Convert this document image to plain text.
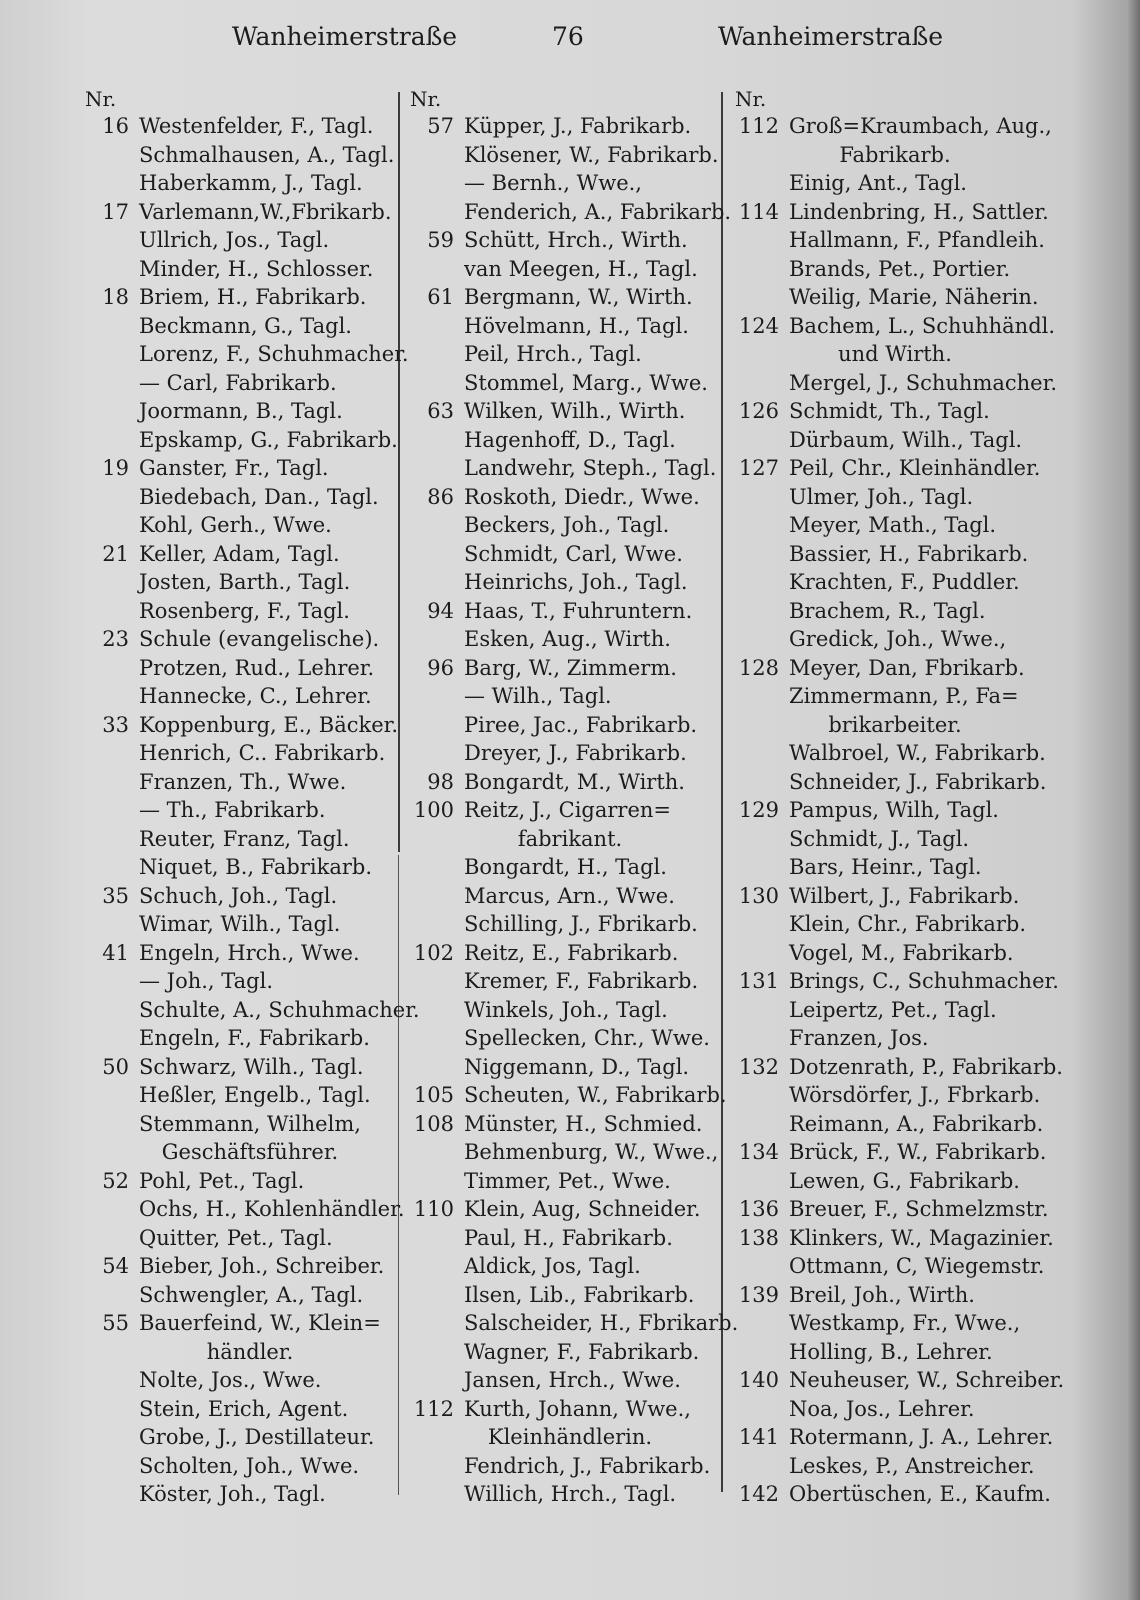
Wanheimerstraße	76	Wanheimerstraße
Nr.
16 Westenfelder, F., Tagl.
Schmalhausen, A., Tagl.
Haberkamm, J., Tagl.
17 Varlemann,W.,Fbrikarb.
Ullrich, Jos., Tagl.
Minder, H., Schlosser.
18 Briem, H., Fabrikarb.
Beckmann, G., Tagl.
Lorenz, F., Schuhmacher.
— Carl, Fabrikarb.
Joormann, B., Tagl.
Epskamp, G., Fabrikarb.
19 Ganster, Fr., Tagl.
Biedebach, Dan., Tagl.
Kohl, Gerh., Wwe.
21 Keller, Adam, Tagl.
Josten, Barth., Tagl.
Rosenberg, F., Tagl.
23 Schule (evangelische).
Protzen, Rud., Lehrer.
Hannecke, C., Lehrer.
33 Koppenburg, E., Bäcker.
Henrich, C.. Fabrikarb.
Franzen, Th., Wwe.
— Th., Fabrikarb.
Reuter, Franz, Tagl.
Niquet, B., Fabrikarb.
35 Schuch, Joh., Tagl.
Wimar, Wilh., Tagl.
41 Engeln, Hrch., Wwe.
— Joh., Tagl.
Schulte, A., Schuhmacher.
Engeln, F., Fabrikarb.
50 Schwarz, Wilh., Tagl.
Heßler, Engelb., Tagl.
Stemmann, Wilhelm,
Geschäftsführer.
52 Pohl, Pet., Tagl.
Ochs, H., Kohlenhändler.
Quitter, Pet., Tagl.
54 Bieber, Joh., Schreiber.
Schwengler, A., Tagl.
55 Bauerfeind, W., Klein=
händler.
Nolte, Jos., Wwe.
Stein, Erich, Agent.
Grobe, J., Destillateur.
Scholten, Joh., Wwe.
Köster, Joh., Tagl.
Nr.
57 Küpper, J., Fabrikarb.
Klösener, W., Fabrikarb.
— Bernh., Wwe.,
Fenderich, A., Fabrikarb.
59 Schütt, Hrch., Wirth.
van Meegen, H., Tagl.
61 Bergmann, W., Wirth.
Hövelmann, H., Tagl.
Peil, Hrch., Tagl.
Stommel, Marg., Wwe.
63 Wilken, Wilh., Wirth.
Hagenhoff, D., Tagl.
Landwehr, Steph., Tagl.
86 Roskoth, Diedr., Wwe.
Beckers, Joh., Tagl.
Schmidt, Carl, Wwe.
Heinrichs, Joh., Tagl.
94 Haas, T., Fuhruntern.
Esken, Aug., Wirth.
96 Barg, W., Zimmerm.
— Wilh., Tagl.
Piree, Jac., Fabrikarb.
Dreyer, J., Fabrikarb.
98 Bongardt, M., Wirth.
100 Reitz, J., Cigarren=
fabrikant.
Bongardt, H., Tagl.
Marcus, Arn., Wwe.
Schilling, J., Fbrikarb.
102 Reitz, E., Fabrikarb.
Kremer, F., Fabrikarb.
Winkels, Joh., Tagl.
Spellecken, Chr., Wwe.
Niggemann, D., Tagl.
105 Scheuten, W., Fabrikarb.
108 Münster, H., Schmied.
Behmenburg, W., Wwe.,
Timmer, Pet., Wwe.
110 Klein, Aug, Schneider.
Paul, H., Fabrikarb.
Aldick, Jos, Tagl.
Ilsen, Lib., Fabrikarb.
Salscheider, H., Fbrikarb.
Wagner, F., Fabrikarb.
Jansen, Hrch., Wwe.
112 Kurth, Johann, Wwe.,
Kleinhändlerin.
Fendrich, J., Fabrikarb.
Willich, Hrch., Tagl.
Nr.
112 Groß=Kraumbach, Aug.,
Fabrikarb.
Einig, Ant., Tagl.
114 Lindenbring, H., Sattler.
Hallmann, F., Pfandleih.
Brands, Pet., Portier.
Weilig, Marie, Näherin.
124 Bachem, L., Schuhhändl.
und Wirth.
Mergel, J., Schuhmacher.
126 Schmidt, Th., Tagl.
Dürbaum, Wilh., Tagl.
127 Peil, Chr., Kleinhändler.
Ulmer, Joh., Tagl.
Meyer, Math., Tagl.
Bassier, H., Fabrikarb.
Krachten, F., Puddler.
Brachem, R., Tagl.
Gredick, Joh., Wwe.,
128 Meyer, Dan, Fbrikarb.
Zimmermann, P., Fa=
brikarbeiter.
Walbroel, W., Fabrikarb.
Schneider, J., Fabrikarb.
129 Pampus, Wilh, Tagl.
Schmidt, J., Tagl.
Bars, Heinr., Tagl.
130 Wilbert, J., Fabrikarb.
Klein, Chr., Fabrikarb.
Vogel, M., Fabrikarb.
131 Brings, C., Schuhmacher.
Leipertz, Pet., Tagl.
Franzen, Jos.
132 Dotzenrath, P., Fabrikarb.
Wörsdörfer, J., Fbrkarb.
Reimann, A., Fabrikarb.
134 Brück, F., W., Fabrikarb.
Lewen, G., Fabrikarb.
136 Breuer, F., Schmelzmstr.
138 Klinkers, W., Magazinier.
Ottmann, C, Wiegemstr.
139 Breil, Joh., Wirth.
Westkamp, Fr., Wwe.,
Holling, B., Lehrer.
140 Neuheuser, W., Schreiber.
Noa, Jos., Lehrer.
141 Rotermann, J. A., Lehrer.
Leskes, P., Anstreicher.
142 Obertüschen, E., Kaufm.
